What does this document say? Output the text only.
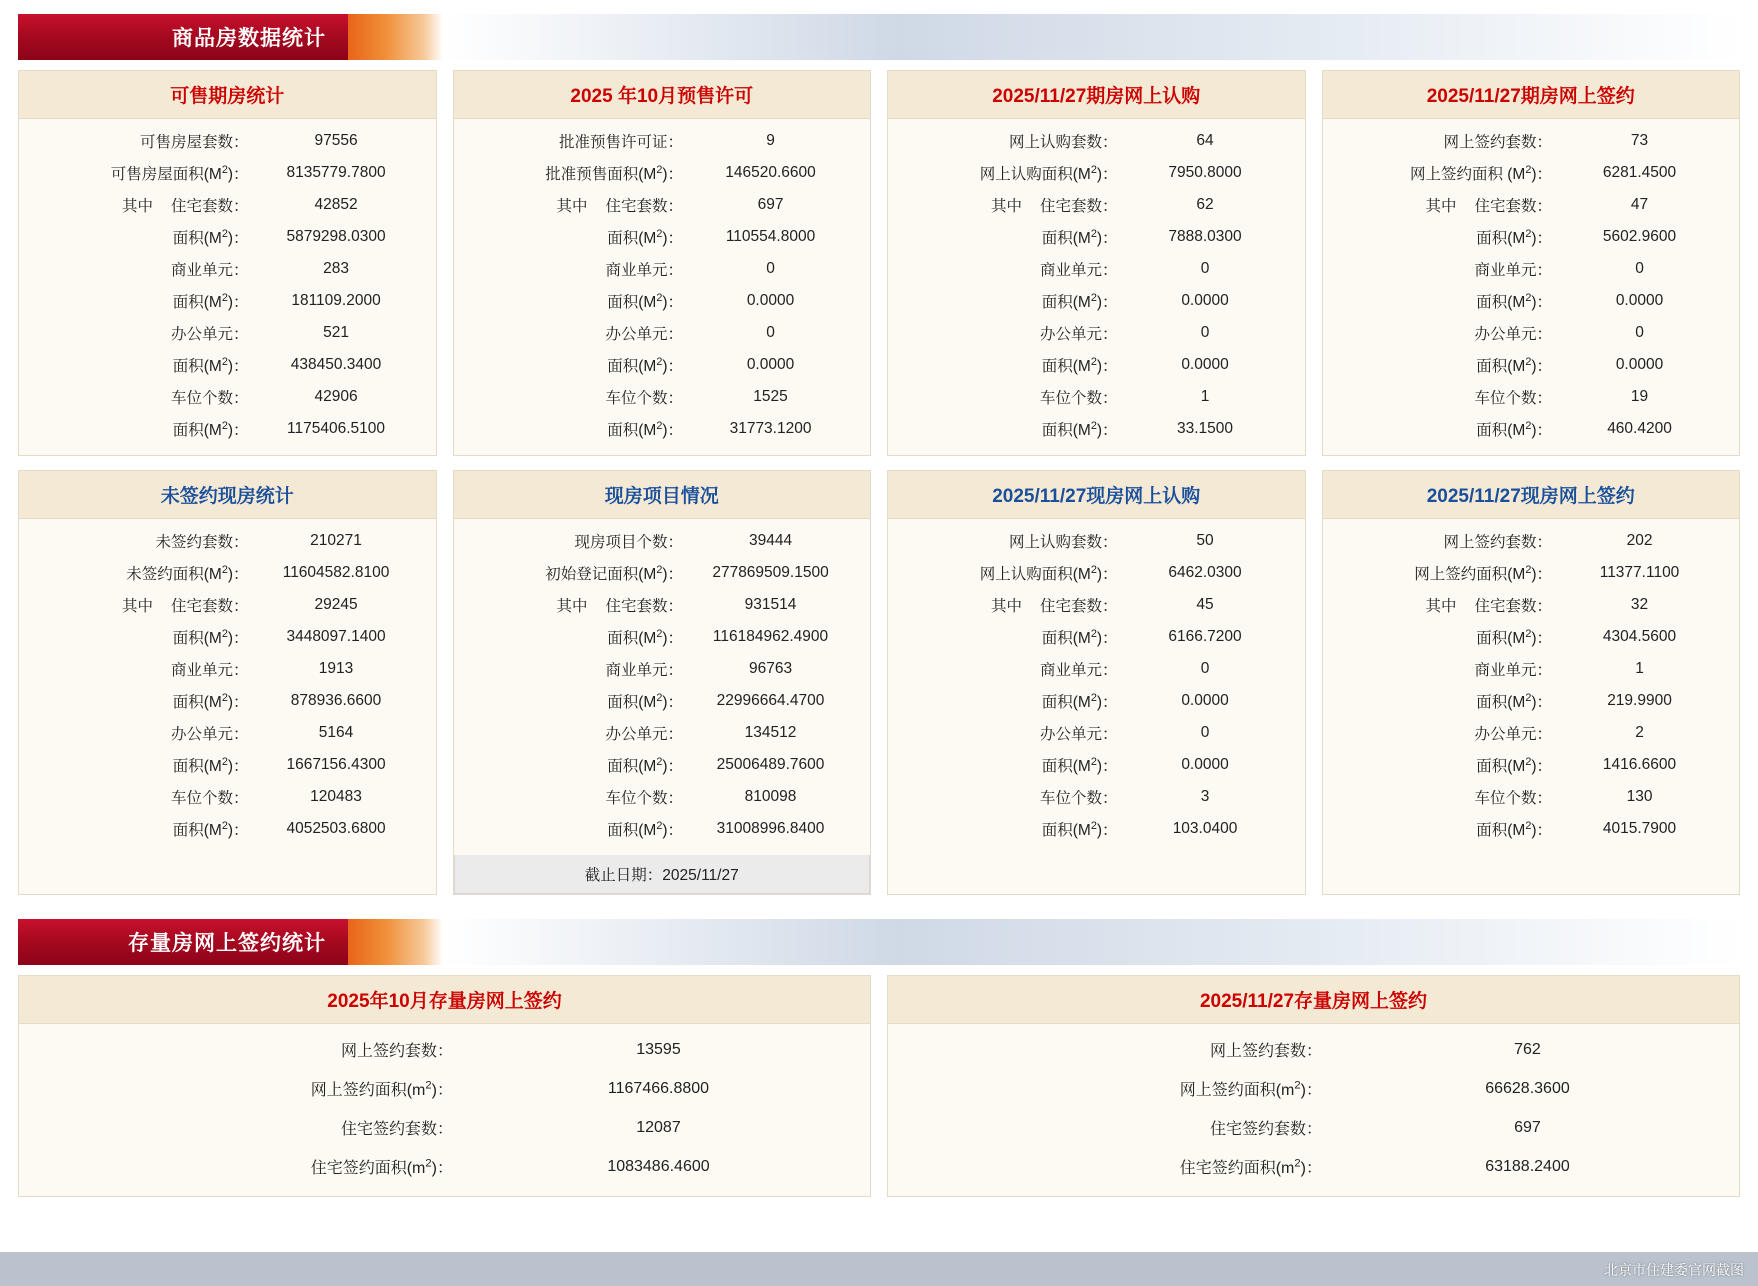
商品房数据统计
可售期房统计
可售房屋套数：	97556
可售房屋面积$(M^2)$：	8135779.7800
其中 住宅套数：	42852
面积$(M^2)$：	5879298.0300
商业单元：	283
面积$(M^2)$：	181109.2000
办公单元：	521
面积$(M^2)$：	438450.3400
车位个数：	42906
面积$(M^2)$：	1175406.5100
2025 年10月预售许可
批准预售许可证：	9
批准预售面积$(M^2)$：	146520.6600
其中 住宅套数：	697
面积$(M^2)$：	110554.8000
商业单元：	0
面积$(M^2)$：	0.0000
办公单元：	0
面积$(M^2)$：	0.0000
车位个数：	1525
面积$(M^2)$：	31773.1200
2025/11/27期房网上认购
网上认购套数：	64
网上认购面积$(M^2)$：	7950.8000
其中 住宅套数：	62
面积$(M^2)$：	7888.0300
商业单元：	0
面积$(M^2)$：	0.0000
办公单元：	0
面积$(M^2)$：	0.0000
车位个数：	1
面积$(M^2)$：	33.1500
2025/11/27期房网上签约
网上签约套数：	73
网上签约面积 $(M^2)$：	6281.4500
其中 住宅套数：	47
面积$(M^2)$：	5602.9600
商业单元：	0
面积$(M^2)$：	0.0000
办公单元：	0
面积$(M^2)$：	0.0000
车位个数：	19
面积$(M^2)$：	460.4200
未签约现房统计
未签约套数：	210271
未签约面积$(M^2)$：	11604582.8100
其中 住宅套数：	29245
面积$(M^2)$：	3448097.1400
商业单元：	1913
面积$(M^2)$：	878936.6600
办公单元：	5164
面积$(M^2)$：	1667156.4300
车位个数：	120483
面积$(M^2)$：	4052503.6800
现房项目情况
现房项目个数：	39444
初始登记面积$(M^2)$：	277869509.1500
其中 住宅套数：	931514
面积$(M^2)$：	116184962.4900
商业单元：	96763
面积$(M^2)$：	22996664.4700
办公单元：	134512
面积$(M^2)$：	25006489.7600
车位个数：	810098
面积$(M^2)$：	31008996.8400
截止日期：2025/11/27
2025/11/27现房网上认购
网上认购套数：	50
网上认购面积$(M^2)$：	6462.0300
其中 住宅套数：	45
面积$(M^2)$：	6166.7200
商业单元：	0
面积$(M^2)$：	0.0000
办公单元：	0
面积$(M^2)$：	0.0000
车位个数：	3
面积$(M^2)$：	103.0400
2025/11/27现房网上签约
网上签约套数：	202
网上签约面积$(M^2)$：	11377.1100
其中 住宅套数：	32
面积$(M^2)$：	4304.5600
商业单元：	1
面积$(M^2)$：	219.9900
办公单元：	2
面积$(M^2)$：	1416.6600
车位个数：	130
面积$(M^2)$：	4015.7900
存量房网上签约统计
2025年10月存量房网上签约
网上签约套数：	13595
网上签约面积$(m^2)$：	1167466.8800
住宅签约套数：	12087
住宅签约面积$(m^2)$：	1083486.4600
2025/11/27存量房网上签约
网上签约套数：	762
网上签约面积$(m^2)$：	66628.3600
住宅签约套数：	697
住宅签约面积$(m^2)$：	63188.2400
北京市住建委官网截图
